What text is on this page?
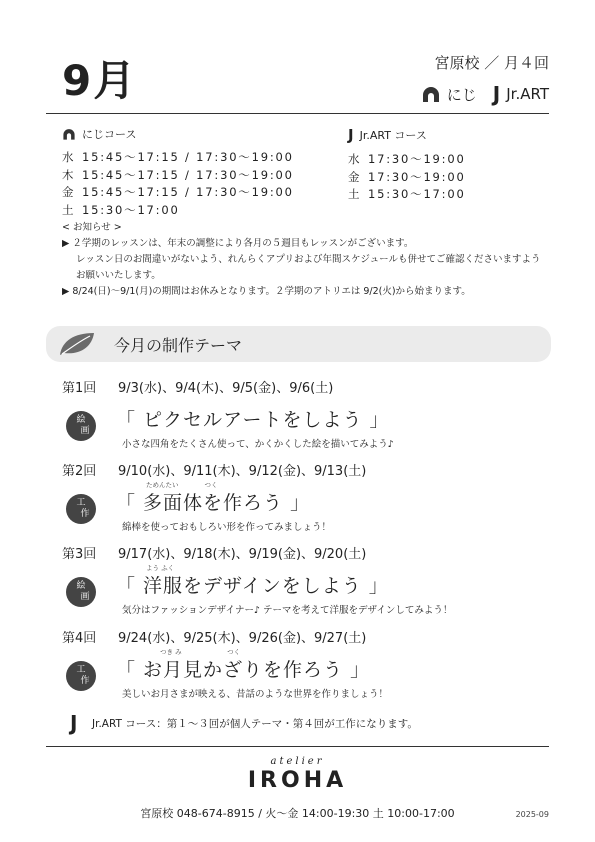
9月	宮原校 ／ 月４回
にじ J Jr.ART
にじコース
水 15:45〜17:15 / 17:30〜19:00
木 15:45〜17:15 / 17:30〜19:00
金 15:45〜17:15 / 17:30〜19:00
土 15:30〜17:00
J Jr.ART コース
水 17:30〜19:00
金 17:30〜19:00
土 15:30〜17:00
< お知らせ >
▶ ２学期のレッスンは、年末の調整により各月の５週目もレッスンがございます。
レッスン日のお間違いがないよう、れんらくアプリおよび年間スケジュールも併せてご確認くださいますよう
お願いいたします。
▶ 8/24(日)〜9/1(月)の期間はお休みとなります。２学期のアトリエは 9/2(火)から始まります。
今月の制作テーマ
第1回 9/3(水)、9/4(木)、9/5(金)、9/6(土)
絵
画 「 ピクセルアートをしよう 」
小さな四角をたくさん使って、かくかくした絵を描いてみよう♪
第2回 9/10(水)、9/11(木)、9/12(金)、9/13(土)
ためんたい　　　　つく
工
作 「 多面体を作ろう 」
綿棒を使っておもしろい形を作ってみましょう！
第3回 9/17(水)、9/18(木)、9/19(金)、9/20(土)
よう ふく
絵
画 「 洋服をデザインをしよう 」
気分はファッションデザイナー♪ テーマを考えて洋服をデザインしてみよう！
第4回 9/24(水)、9/25(木)、9/26(金)、9/27(土)
つき み　　　　　　　つく
工
作 「 お月見かざりを作ろう 」
美しいお月さまが映える、昔話のような世界を作りましょう！
J Jr.ART コース：第１〜３回が個人テーマ・第４回が工作になります。
atelier
IROHA
宮原校 048-674-8915 / 火〜金 14:00-19:30 土 10:00-17:00	2025-09
